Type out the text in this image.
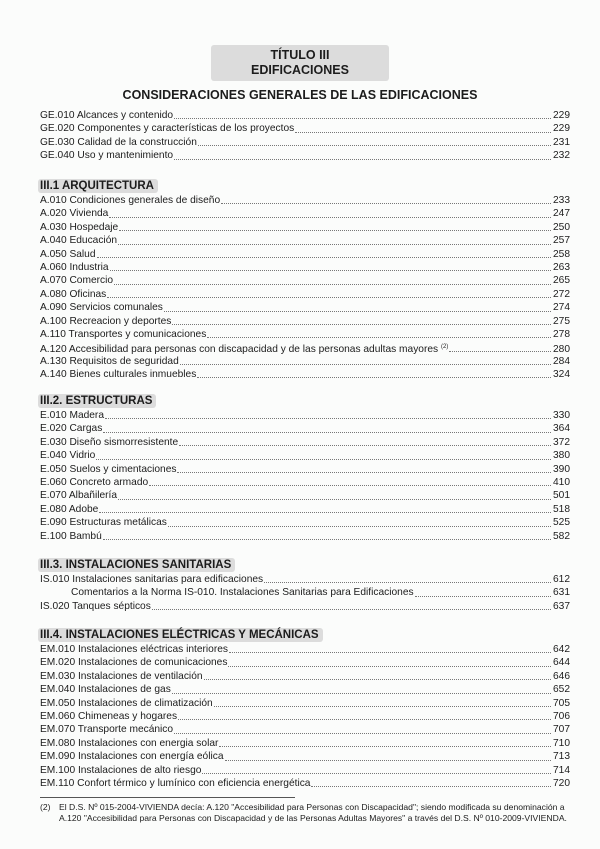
TÍTULO III
EDIFICACIONES
CONSIDERACIONES GENERALES DE LAS EDIFICACIONES
GE.010 Alcances y contenido	229
GE.020 Componentes y características de los proyectos	229
GE.030 Calidad de la construcción	231
GE.040 Uso y mantenimiento	232
III.1 ARQUITECTURA
A.010 Condiciones generales de diseño	233
A.020 Vivienda	247
A.030 Hospedaje	250
A.040 Educación	257
A.050 Salud	258
A.060 Industria	263
A.070 Comercio	265
A.080 Oficinas	272
A.090 Servicios comunales	274
A.100 Recreacion y deportes	275
A.110 Transportes y comunicaciones	278
A.120 Accesibilidad para personas con discapacidad y de las personas adultas mayores $^{(2)}$	280
A.130 Requisitos de seguridad	284
A.140 Bienes culturales inmuebles	324
III.2. ESTRUCTURAS
E.010 Madera	330
E.020 Cargas	364
E.030 Diseño sismorresistente	372
E.040 Vidrio	380
E.050 Suelos y cimentaciones	390
E.060 Concreto armado	410
E.070 Albañilería	501
E.080 Adobe	518
E.090 Estructuras metálicas	525
E.100 Bambú	582
III.3. INSTALACIONES SANITARIAS
IS.010 Instalaciones sanitarias para edificaciones	612
Comentarios a la Norma IS-010. Instalaciones Sanitarias para Edificaciones	631
IS.020 Tanques sépticos	637
III.4. INSTALACIONES ELÉCTRICAS Y MECÁNICAS
EM.010 Instalaciones eléctricas interiores	642
EM.020 Instalaciones de comunicaciones	644
EM.030 Instalaciones de ventilación	646
EM.040 Instalaciones de gas	652
EM.050 Instalaciones de climatización	705
EM.060 Chimeneas y hogares	706
EM.070 Transporte mecánico	707
EM.080 Instalaciones con energia solar	710
EM.090 Instalaciones con energía eólica	713
EM.100 Instalaciones de alto riesgo	714
EM.110 Confort térmico y lumínico con eficiencia energética	720
(2) El D.S. Nº 015-2004-VIVIENDA decía: A.120 "Accesibilidad para Personas con Discapacidad"; siendo modificada su denominación a A.120 "Accesibilidad para Personas con Discapacidad y de las Personas Adultas Mayores" a través del D.S. Nº 010-2009-VIVIENDA.
